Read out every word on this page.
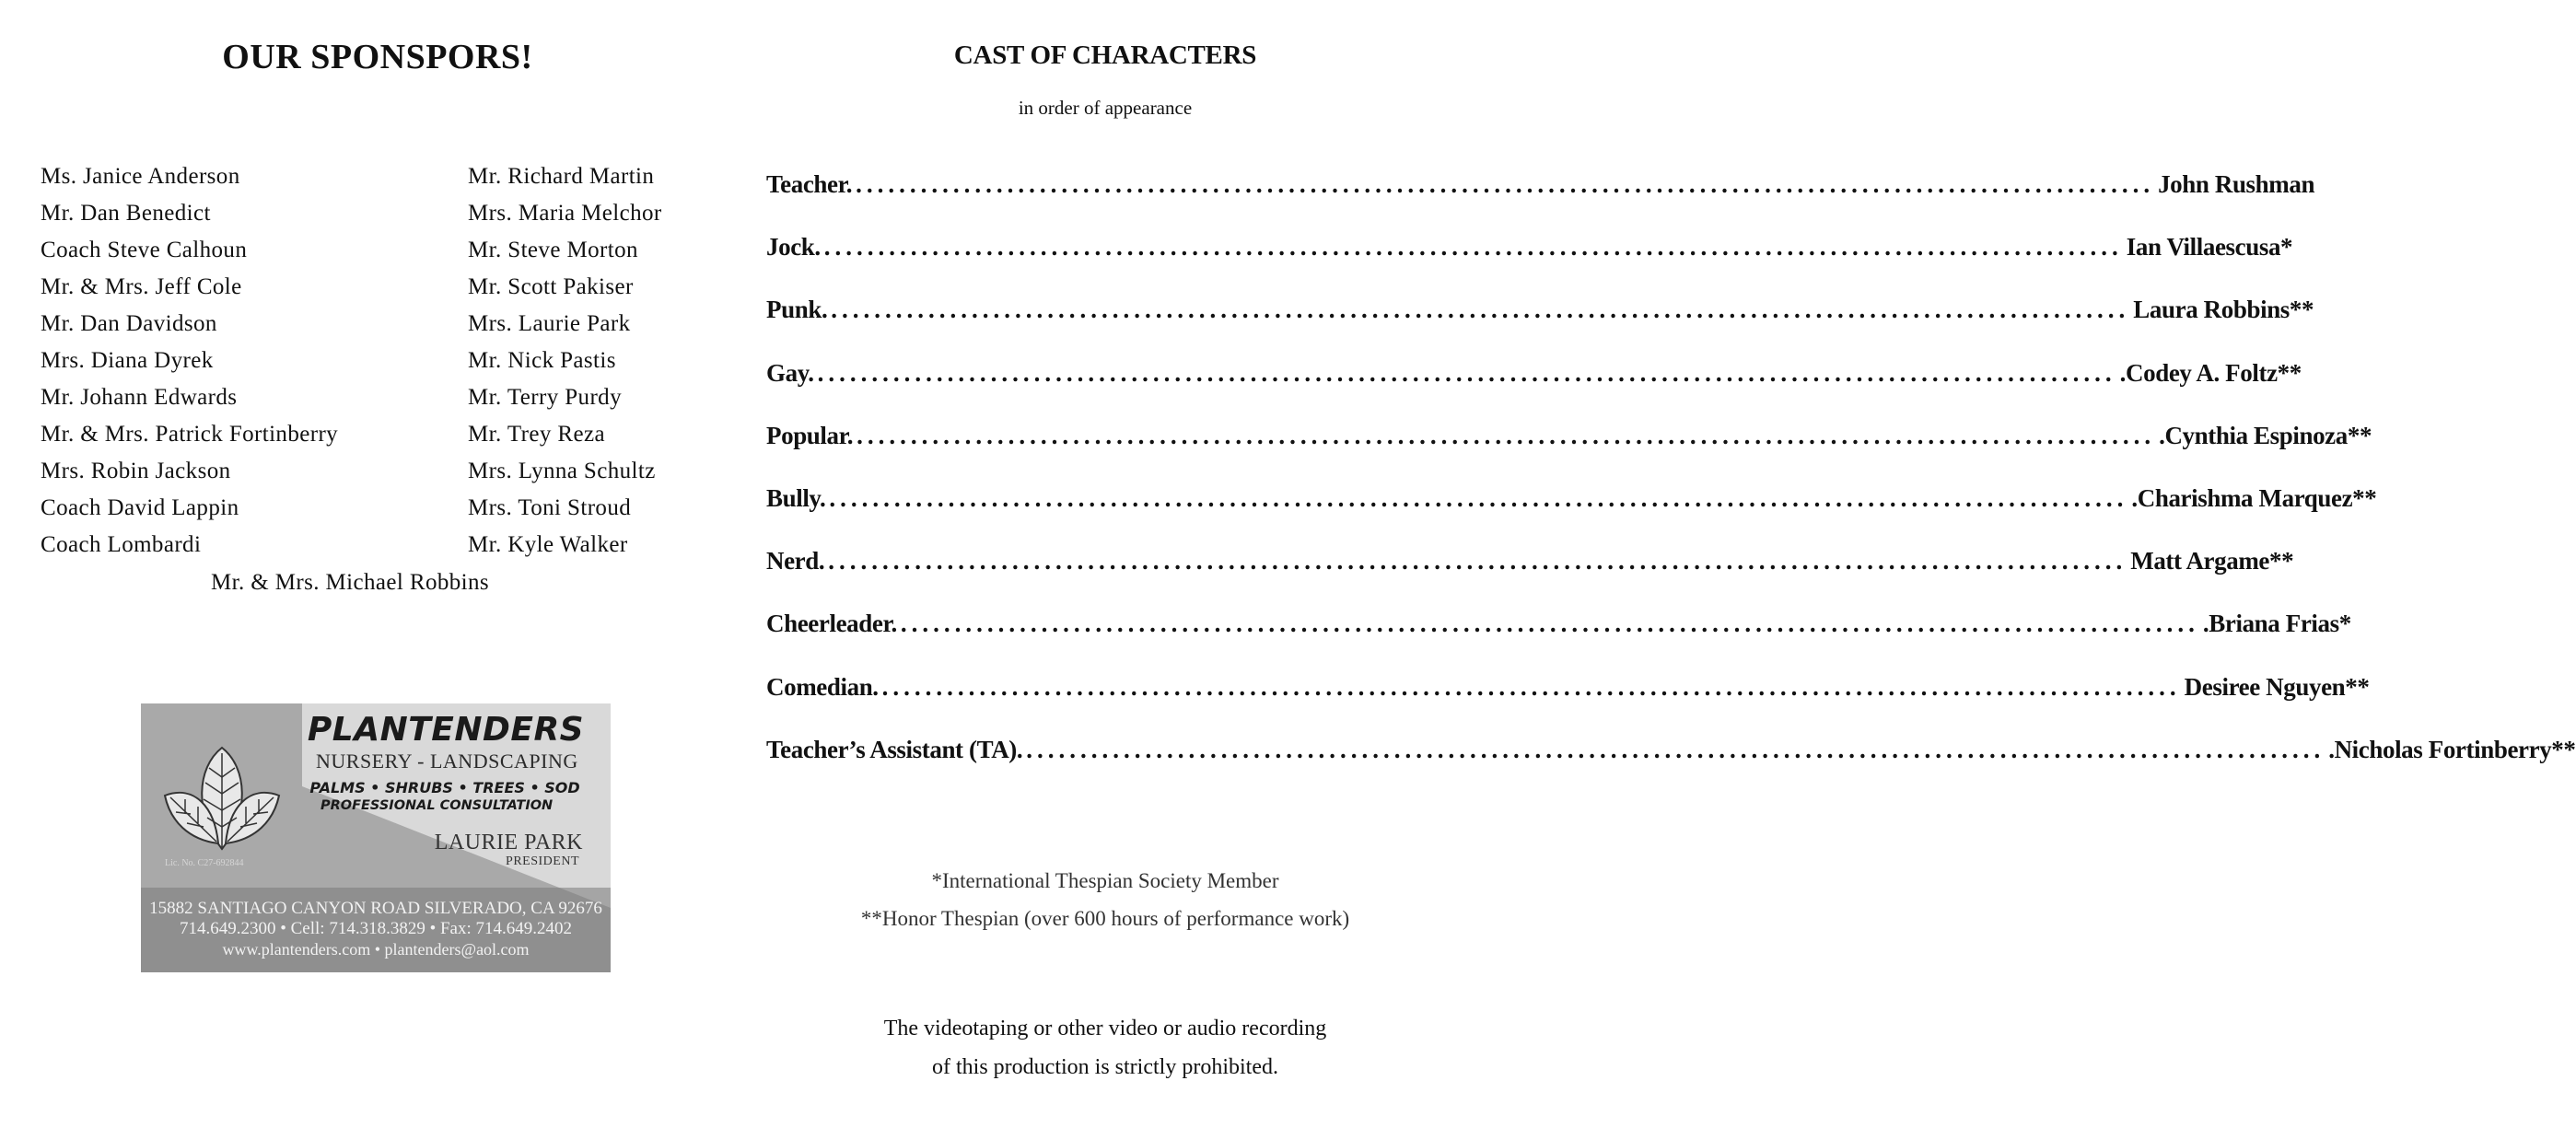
OUR SPONSPORS!
Ms. Janice Anderson
Mr. Dan Benedict
Coach Steve Calhoun
Mr. & Mrs. Jeff Cole
Mr. Dan Davidson
Mrs. Diana Dyrek
Mr. Johann Edwards
Mr. & Mrs. Patrick Fortinberry
Mrs. Robin Jackson
Coach David Lappin
Coach Lombardi
Mr. Richard Martin
Mrs. Maria Melchor
Mr. Steve Morton
Mr. Scott Pakiser
Mrs. Laurie Park
Mr. Nick Pastis
Mr. Terry Purdy
Mr. Trey Reza
Mrs. Lynna Schultz
Mrs. Toni Stroud
Mr. Kyle Walker
Mr. & Mrs. Michael Robbins
PLANTENDERS
NURSERY - LANDSCAPING
PALMS • SHRUBS • TREES • SOD
PROFESSIONAL CONSULTATION
LAURIE PARK
PRESIDENT
Lic. No. C27-692844
15882 SANTIAGO CANYON ROAD SILVERADO, CA 92676
714.649.2300 • Cell: 714.318.3829 • Fax: 714.649.2402
www.plantenders.com • plantenders@aol.com
CAST OF CHARACTERS
in order of appearance
*International Thespian Society Member
**Honor Thespian (over 600 hours of performance work)
The videotaping or other video or audio recording
of this production is strictly prohibited.
Teacher. ........................................................................................................................ John Rushman
Jock. ........................................................................................................................ Ian Villaescusa*
Punk. ........................................................................................................................ Laura Robbins**
Gay. ........................................................................................................................ .Codey A. Foltz**
Popular. ........................................................................................................................ .Cynthia Espinoza**
Bully. ........................................................................................................................ .Charishma Marquez**
Nerd. ........................................................................................................................ Matt Argame**
Cheerleader. ........................................................................................................................ .Briana Frias*
Comedian. ........................................................................................................................ Desiree Nguyen**
Teacher’s Assistant (TA). ........................................................................................................................ .Nicholas Fortinberry**
